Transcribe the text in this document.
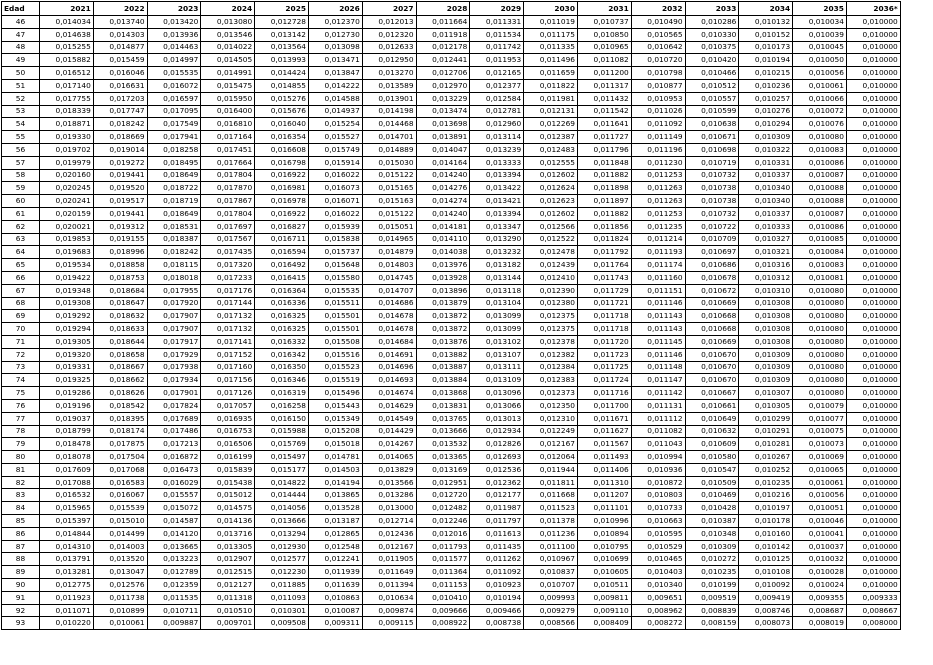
Edad	2021	2022	2023	2024	2025	2026	2027	2028	2029	2030	2031	2032	2033	2034	2035	2036*
46	0,014034	0,013740	0,013420	0,013080	0,012728	0,012370	0,012013	0,011664	0,011331	0,011019	0,010737	0,010490	0,010286	0,010132	0,010034	0,010000
47	0,014638	0,014303	0,013936	0,013546	0,013142	0,012730	0,012320	0,011918	0,011534	0,011175	0,010850	0,010565	0,010330	0,010152	0,010039	0,010000
48	0,015255	0,014877	0,014463	0,014022	0,013564	0,013098	0,012633	0,012178	0,011742	0,011335	0,010965	0,010642	0,010375	0,010173	0,010045	0,010000
49	0,015882	0,015459	0,014997	0,014505	0,013993	0,013471	0,012950	0,012441	0,011953	0,011496	0,011082	0,010720	0,010420	0,010194	0,010050	0,010000
50	0,016512	0,016046	0,015535	0,014991	0,014424	0,013847	0,013270	0,012706	0,012165	0,011659	0,011200	0,010798	0,010466	0,010215	0,010056	0,010000
51	0,017140	0,016631	0,016072	0,015475	0,014855	0,014222	0,013589	0,012970	0,012377	0,011822	0,011317	0,010877	0,010512	0,010236	0,010061	0,010000
52	0,017755	0,017203	0,016597	0,015950	0,015276	0,014588	0,013901	0,013229	0,012584	0,011981	0,011432	0,010953	0,010557	0,010257	0,010066	0,010000
53	0,018339	0,017747	0,017095	0,016400	0,015676	0,014937	0,014198	0,013474	0,012781	0,012131	0,011542	0,011026	0,010599	0,010276	0,010072	0,010000
54	0,018871	0,018242	0,017549	0,016810	0,016040	0,015254	0,014468	0,013698	0,012960	0,012269	0,011641	0,011092	0,010638	0,010294	0,010076	0,010000
55	0,019330	0,018669	0,017941	0,017164	0,016354	0,015527	0,014701	0,013891	0,013114	0,012387	0,011727	0,011149	0,010671	0,010309	0,010080	0,010000
56	0,019702	0,019014	0,018258	0,017451	0,016608	0,015749	0,014889	0,014047	0,013239	0,012483	0,011796	0,011196	0,010698	0,010322	0,010083	0,010000
57	0,019979	0,019272	0,018495	0,017664	0,016798	0,015914	0,015030	0,014164	0,013333	0,012555	0,011848	0,011230	0,010719	0,010331	0,010086	0,010000
58	0,020160	0,019441	0,018649	0,017804	0,016922	0,016022	0,015122	0,014240	0,013394	0,012602	0,011882	0,011253	0,010732	0,010337	0,010087	0,010000
59	0,020245	0,019520	0,018722	0,017870	0,016981	0,016073	0,015165	0,014276	0,013422	0,012624	0,011898	0,011263	0,010738	0,010340	0,010088	0,010000
60	0,020241	0,019517	0,018719	0,017867	0,016978	0,016071	0,015163	0,014274	0,013421	0,012623	0,011897	0,011263	0,010738	0,010340	0,010088	0,010000
61	0,020159	0,019441	0,018649	0,017804	0,016922	0,016022	0,015122	0,014240	0,013394	0,012602	0,011882	0,011253	0,010732	0,010337	0,010087	0,010000
62	0,020021	0,019312	0,018531	0,017697	0,016827	0,015939	0,015051	0,014181	0,013347	0,012566	0,011856	0,011235	0,010722	0,010333	0,010086	0,010000
63	0,019853	0,019155	0,018387	0,017567	0,016711	0,015838	0,014965	0,014110	0,013290	0,012522	0,011824	0,011214	0,010709	0,010327	0,010085	0,010000
64	0,019683	0,018996	0,018242	0,017435	0,016594	0,015737	0,014879	0,014038	0,013232	0,012478	0,011792	0,011193	0,010697	0,010321	0,010084	0,010000
65	0,019534	0,018858	0,018115	0,017320	0,016492	0,015648	0,014803	0,013976	0,013182	0,012439	0,011764	0,011174	0,010686	0,010316	0,010083	0,010000
66	0,019422	0,018753	0,018018	0,017233	0,016415	0,015580	0,014745	0,013928	0,013144	0,012410	0,011743	0,011160	0,010678	0,010312	0,010081	0,010000
67	0,019348	0,018684	0,017955	0,017176	0,016364	0,015535	0,014707	0,013896	0,013118	0,012390	0,011729	0,011151	0,010672	0,010310	0,010080	0,010000
68	0,019308	0,018647	0,017920	0,017144	0,016336	0,015511	0,014686	0,013879	0,013104	0,012380	0,011721	0,011146	0,010669	0,010308	0,010080	0,010000
69	0,019292	0,018632	0,017907	0,017132	0,016325	0,015501	0,014678	0,013872	0,013099	0,012375	0,011718	0,011143	0,010668	0,010308	0,010080	0,010000
70	0,019294	0,018633	0,017907	0,017132	0,016325	0,015501	0,014678	0,013872	0,013099	0,012375	0,011718	0,011143	0,010668	0,010308	0,010080	0,010000
71	0,019305	0,018644	0,017917	0,017141	0,016332	0,015508	0,014684	0,013876	0,013102	0,012378	0,011720	0,011145	0,010669	0,010308	0,010080	0,010000
72	0,019320	0,018658	0,017929	0,017152	0,016342	0,015516	0,014691	0,013882	0,013107	0,012382	0,011723	0,011146	0,010670	0,010309	0,010080	0,010000
73	0,019331	0,018667	0,017938	0,017160	0,016350	0,015523	0,014696	0,013887	0,013111	0,012384	0,011725	0,011148	0,010670	0,010309	0,010080	0,010000
74	0,019325	0,018662	0,017934	0,017156	0,016346	0,015519	0,014693	0,013884	0,013109	0,012383	0,011724	0,011147	0,010670	0,010309	0,010080	0,010000
75	0,019286	0,018626	0,017901	0,017126	0,016319	0,015496	0,014674	0,013868	0,013096	0,012373	0,011716	0,011142	0,010667	0,010307	0,010080	0,010000
76	0,019196	0,018542	0,017824	0,017057	0,016258	0,015443	0,014629	0,013831	0,013066	0,012350	0,011700	0,011131	0,010661	0,010305	0,010079	0,010000
77	0,019037	0,018395	0,017689	0,016935	0,016150	0,015349	0,014549	0,013765	0,013013	0,012310	0,011671	0,011112	0,010649	0,010299	0,010077	0,010000
78	0,018799	0,018174	0,017486	0,016753	0,015988	0,015208	0,014429	0,013666	0,012934	0,012249	0,011627	0,011082	0,010632	0,010291	0,010075	0,010000
79	0,018478	0,017875	0,017213	0,016506	0,015769	0,015018	0,014267	0,013532	0,012826	0,012167	0,011567	0,011043	0,010609	0,010281	0,010073	0,010000
80	0,018078	0,017504	0,016872	0,016199	0,015497	0,014781	0,014065	0,013365	0,012693	0,012064	0,011493	0,010994	0,010580	0,010267	0,010069	0,010000
81	0,017609	0,017068	0,016473	0,015839	0,015177	0,014503	0,013829	0,013169	0,012536	0,011944	0,011406	0,010936	0,010547	0,010252	0,010065	0,010000
82	0,017088	0,016583	0,016029	0,015438	0,014822	0,014194	0,013566	0,012951	0,012362	0,011811	0,011310	0,010872	0,010509	0,010235	0,010061	0,010000
83	0,016532	0,016067	0,015557	0,015012	0,014444	0,013865	0,013286	0,012720	0,012177	0,011668	0,011207	0,010803	0,010469	0,010216	0,010056	0,010000
84	0,015965	0,015539	0,015072	0,014575	0,014056	0,013528	0,013000	0,012482	0,011987	0,011523	0,011101	0,010733	0,010428	0,010197	0,010051	0,010000
85	0,015397	0,015010	0,014587	0,014136	0,013666	0,013187	0,012714	0,012246	0,011797	0,011378	0,010996	0,010663	0,010387	0,010178	0,010046	0,010000
86	0,014844	0,014499	0,014120	0,013716	0,013294	0,012865	0,012436	0,012016	0,011613	0,011236	0,010894	0,010595	0,010348	0,010160	0,010041	0,010000
87	0,014310	0,014003	0,013665	0,013305	0,012930	0,012548	0,012167	0,011793	0,011435	0,011100	0,010795	0,010529	0,010309	0,010142	0,010037	0,010000
88	0,013791	0,013520	0,013223	0,012907	0,012577	0,012241	0,011905	0,011577	0,011262	0,010967	0,010699	0,010465	0,010272	0,010125	0,010032	0,010000
89	0,013281	0,013047	0,012789	0,012515	0,012230	0,011939	0,011649	0,011364	0,011092	0,010837	0,010605	0,010403	0,010235	0,010108	0,010028	0,010000
90	0,012775	0,012576	0,012359	0,012127	0,011885	0,011639	0,011394	0,011153	0,010923	0,010707	0,010511	0,010340	0,010199	0,010092	0,010024	0,010000
91	0,011923	0,011738	0,011535	0,011318	0,011093	0,010863	0,010634	0,010410	0,010194	0,009993	0,009811	0,009651	0,009519	0,009419	0,009355	0,009333
92	0,011071	0,010899	0,010711	0,010510	0,010301	0,010087	0,009874	0,009666	0,009466	0,009279	0,009110	0,008962	0,008839	0,008746	0,008687	0,008667
93	0,010220	0,010061	0,009887	0,009701	0,009508	0,009311	0,009115	0,008922	0,008738	0,008566	0,008409	0,008272	0,008159	0,008073	0,008019	0,008000
